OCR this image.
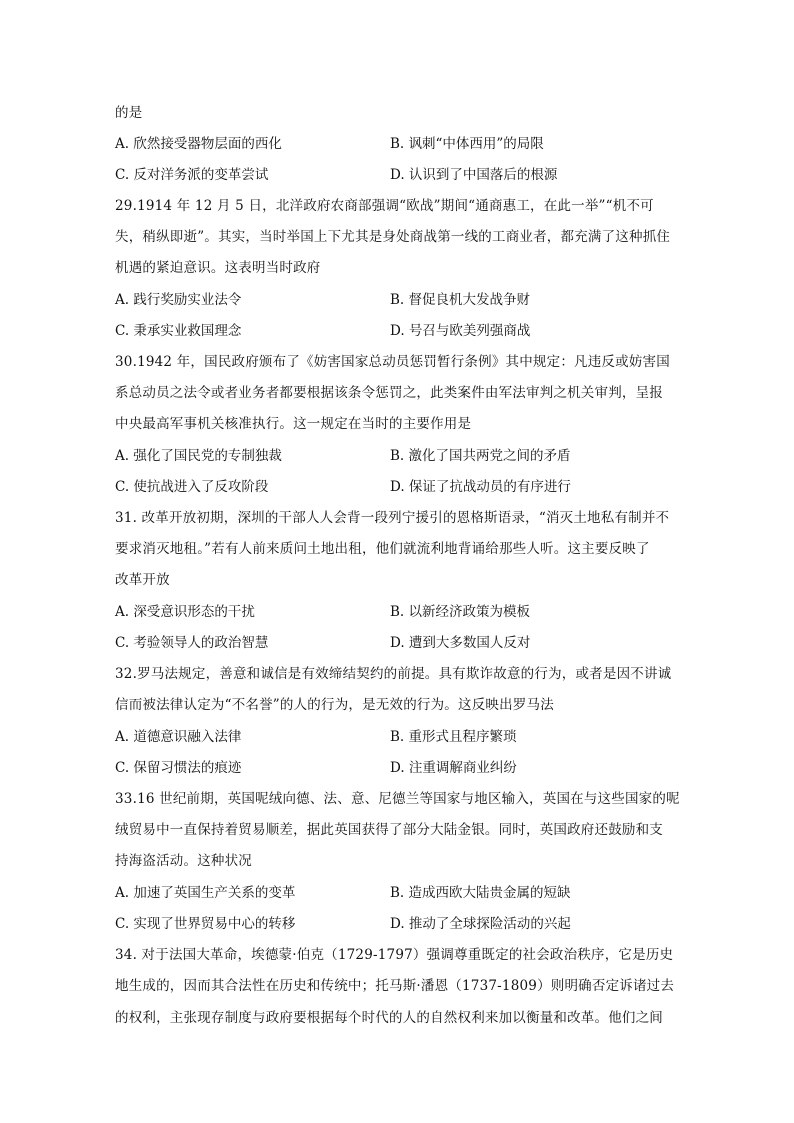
的是
A. 欣然接受器物层面的西化	B. 讽刺“中体西用”的局限
C. 反对洋务派的变革尝试	D. 认识到了中国落后的根源
29.1914 年 12 月 5 日，北洋政府农商部强调“欧战”期间“通商惠工，在此一举”“机不可
失，稍纵即逝”。其实，当时举国上下尤其是身处商战第一线的工商业者，都充满了这种抓住
机遇的紧迫意识。这表明当时政府
A. 践行奖励实业法令	B. 督促良机大发战争财
C. 秉承实业救国理念	D. 号召与欧美列强商战
30.1942 年，国民政府颁布了《妨害国家总动员惩罚暂行条例》其中规定：凡违反或妨害国
系总动员之法令或者业务者都要根据该条令惩罚之，此类案件由军法审判之机关审判，呈报
中央最高军事机关核准执行。这一规定在当时的主要作用是
A. 强化了国民党的专制独裁	B. 激化了国共两党之间的矛盾
C. 使抗战进入了反攻阶段	D. 保证了抗战动员的有序进行
31. 改革开放初期，深圳的干部人人会背一段列宁援引的恩格斯语录，“消灭土地私有制并不
要求消灭地租。”若有人前来质问土地出租，他们就流利地背诵给那些人听。这主要反映了
改革开放
A. 深受意识形态的干扰	B. 以新经济政策为模板
C. 考验领导人的政治智慧	D. 遭到大多数国人反对
32.罗马法规定，善意和诚信是有效缔结契约的前提。具有欺诈故意的行为，或者是因不讲诚
信而被法律认定为“不名誉”的人的行为，是无效的行为。这反映出罗马法
A. 道德意识融入法律	B. 重形式且程序繁琐
C. 保留习惯法的痕迹	D. 注重调解商业纠纷
33.16 世纪前期，英国呢绒向德、法、意、尼德兰等国家与地区输入，英国在与这些国家的呢
绒贸易中一直保持着贸易顺差，据此英国获得了部分大陆金银。同时，英国政府还鼓励和支
持海盗活动。这种状况
A. 加速了英国生产关系的变革	B. 造成西欧大陆贵金属的短缺
C. 实现了世界贸易中心的转移	D. 推动了全球探险活动的兴起
34. 对于法国大革命，埃德蒙·伯克（1729-1797）强调尊重既定的社会政治秩序，它是历史
地生成的，因而其合法性在历史和传统中；托马斯·潘恩（1737-1809）则明确否定诉诸过去
的权利，主张现存制度与政府要根据每个时代的人的自然权利来加以衡量和改革。他们之间
